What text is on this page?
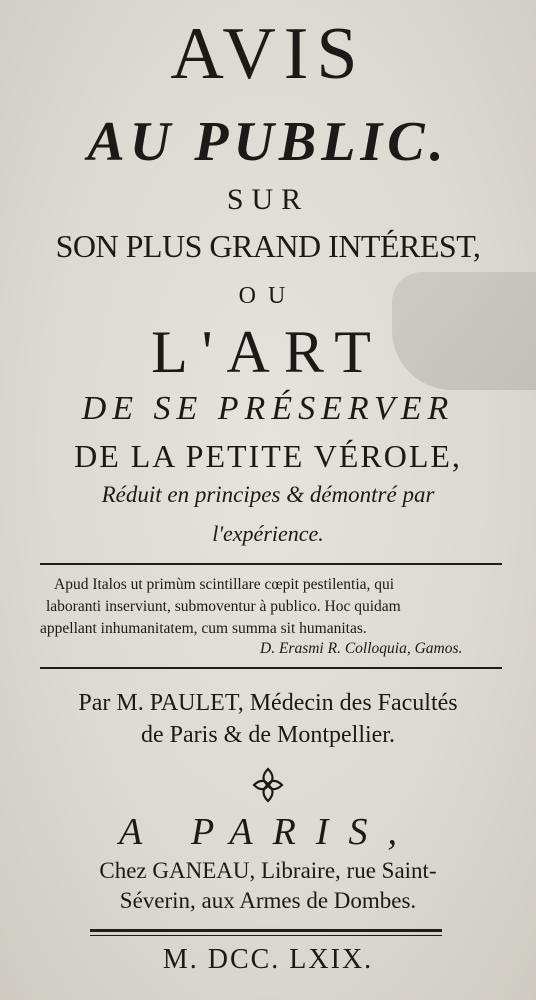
AVIS
AU PUBLIC.
SUR
SON PLUS GRAND INTÉREST,
OU
L'ART
DE SE PRÉSERVER
DE LA PETITE VÉROLE,
Réduit en principes & démontré par
l'expérience.
Apud Italos ut primùm scintillare cœpit pestilentia, qui
laboranti inserviunt, submoventur à publico. Hoc quidam
appellant inhumanitatem, cum summa sit humanitas.
D. Erasmi R. Colloquia, Gamos.
Par M. PAULET, Médecin des Facultés
de Paris & de Montpellier.
A PARIS,
Chez GANEAU, Libraire, rue Saint-
Séverin, aux Armes de Dombes.
M. DCC. LXIX.
